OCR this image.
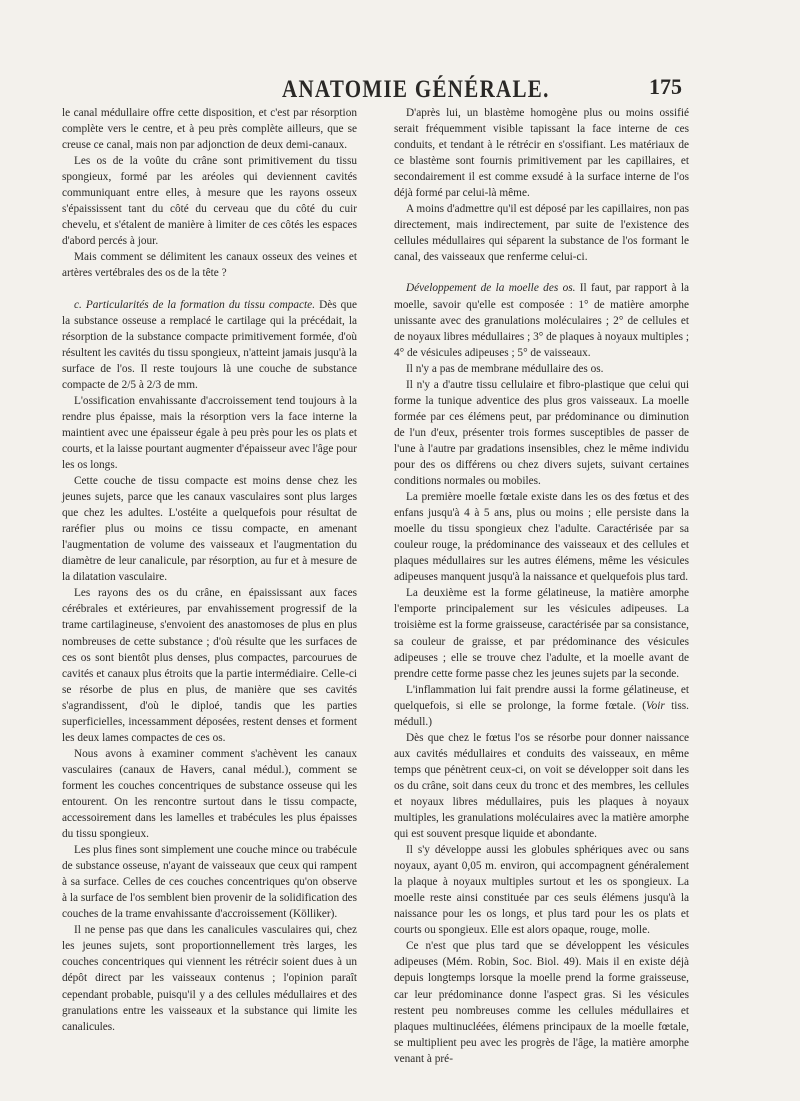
ANATOMIE GÉNÉRALE.	175

le canal médullaire offre cette disposition, et c'est par résorption complète vers le centre, et à peu près complète ailleurs, que se creuse ce canal, mais non par adjonction de deux demi-canaux.

Les os de la voûte du crâne sont primitivement du tissu spongieux, formé par les aréoles qui deviennent cavités communiquant entre elles, à mesure que les rayons osseux s'épaississent tant du côté du cerveau que du côté du cuir chevelu, et s'étalent de manière à limiter de ces côtés les espaces d'abord percés à jour.

Mais comment se délimitent les canaux osseux des veines et artères vertébrales des os de la tête ?

c. Particularités de la formation du tissu compacte. Dès que la substance osseuse a remplacé le cartilage qui la précédait, la résorption de la substance compacte primitivement formée, d'où résultent les cavités du tissu spongieux, n'atteint jamais jusqu'à la surface de l'os. Il reste toujours là une couche de substance compacte de 2/5 à 2/3 de mm.

L'ossification envahissante d'accroissement tend toujours à la rendre plus épaisse, mais la résorption vers la face interne la maintient avec une épaisseur égale à peu près pour les os plats et courts, et la laisse pourtant augmenter d'épaisseur avec l'âge pour les os longs.

Cette couche de tissu compacte est moins dense chez les jeunes sujets, parce que les canaux vasculaires sont plus larges que chez les adultes. L'ostéite a quelquefois pour résultat de raréfier plus ou moins ce tissu compacte, en amenant l'augmentation de volume des vaisseaux et l'augmentation du diamètre de leur canalicule, par résorption, au fur et à mesure de la dilatation vasculaire.

Les rayons des os du crâne, en épaississant aux faces cérébrales et extérieures, par envahissement progressif de la trame cartilagineuse, s'envoient des anastomoses de plus en plus nombreuses de cette substance ; d'où résulte que les surfaces de ces os sont bientôt plus denses, plus compactes, parcourues de cavités et canaux plus étroits que la partie intermédiaire. Celle-ci se résorbe de plus en plus, de manière que ses cavités s'agrandissent, d'où le diploé, tandis que les parties superficielles, incessamment déposées, restent denses et forment les deux lames compactes de ces os.

Nous avons à examiner comment s'achèvent les canaux vasculaires (canaux de Havers, canal médul.), comment se forment les couches concentriques de substance osseuse qui les entourent. On les rencontre surtout dans le tissu compacte, accessoirement dans les lamelles et trabécules les plus épaisses du tissu spongieux.

Les plus fines sont simplement une couche mince ou trabécule de substance osseuse, n'ayant de vaisseaux que ceux qui rampent à sa surface. Celles de ces couches concentriques qu'on observe à la surface de l'os semblent bien provenir de la solidification des couches de la trame envahissante d'accroissement (Kölliker).

Il ne pense pas que dans les canalicules vasculaires qui, chez les jeunes sujets, sont proportionnellement très larges, les couches concentriques qui viennent les rétrécir soient dues à un dépôt direct par les vaisseaux contenus ; l'opinion paraît cependant probable, puisqu'il y a des cellules médullaires et des granulations entre les vaisseaux et la substance qui limite les canalicules.

D'après lui, un blastème homogène plus ou moins ossifié serait fréquemment visible tapissant la face interne de ces conduits, et tendant à le rétrécir en s'ossifiant. Les matériaux de ce blastème sont fournis primitivement par les capillaires, et secondairement il est comme exsudé à la surface interne de l'os déjà formé par celui-là même.

A moins d'admettre qu'il est déposé par les capillaires, non pas directement, mais indirectement, par suite de l'existence des cellules médullaires qui séparent la substance de l'os formant le canal, des vaisseaux que renferme celui-ci.

Développement de la moelle des os. Il faut, par rapport à la moelle, savoir qu'elle est composée : 1° de matière amorphe unissante avec des granulations moléculaires ; 2° de cellules et de noyaux libres médullaires ; 3° de plaques à noyaux multiples ; 4° de vésicules adipeuses ; 5° de vaisseaux.

Il n'y a pas de membrane médullaire des os.

Il n'y a d'autre tissu cellulaire et fibro-plastique que celui qui forme la tunique adventice des plus gros vaisseaux. La moelle formée par ces élémens peut, par prédominance ou diminution de l'un d'eux, présenter trois formes susceptibles de passer de l'une à l'autre par gradations insensibles, chez le même individu pour des os différens ou chez divers sujets, suivant certaines conditions normales ou mobiles.

La première moelle fœtale existe dans les os des fœtus et des enfans jusqu'à 4 à 5 ans, plus ou moins ; elle persiste dans la moelle du tissu spongieux chez l'adulte. Caractérisée par sa couleur rouge, la prédominance des vaisseaux et des cellules et plaques médullaires sur les autres élémens, même les vésicules adipeuses manquent jusqu'à la naissance et quelquefois plus tard.

La deuxième est la forme gélatineuse, la matière amorphe l'emporte principalement sur les vésicules adipeuses. La troisième est la forme graisseuse, caractérisée par sa consistance, sa couleur de graisse, et par prédominance des vésicules adipeuses ; elle se trouve chez l'adulte, et la moelle avant de prendre cette forme passe chez les jeunes sujets par la seconde.

L'inflammation lui fait prendre aussi la forme gélatineuse, et quelquefois, si elle se prolonge, la forme fœtale. (Voir tiss. médull.)

Dès que chez le fœtus l'os se résorbe pour donner naissance aux cavités médullaires et conduits des vaisseaux, en même temps que pénètrent ceux-ci, on voit se développer soit dans les os du crâne, soit dans ceux du tronc et des membres, les cellules et noyaux libres médullaires, puis les plaques à noyaux multiples, les granulations moléculaires avec la matière amorphe qui est souvent presque liquide et abondante.

Il s'y développe aussi les globules sphériques avec ou sans noyaux, ayant 0,05 m. environ, qui accompagnent généralement la plaque à noyaux multiples surtout et les os spongieux. La moelle reste ainsi constituée par ces seuls élémens jusqu'à la naissance pour les os longs, et plus tard pour les os plats et courts ou spongieux. Elle est alors opaque, rouge, molle.

Ce n'est que plus tard que se développent les vésicules adipeuses (Mém. Robin, Soc. Biol. 49). Mais il en existe déjà depuis longtemps lorsque la moelle prend la forme graisseuse, car leur prédominance donne l'aspect gras. Si les vésicules restent peu nombreuses comme les cellules médullaires et plaques multinucléées, élémens principaux de la moelle fœtale, se multiplient peu avec les progrès de l'âge, la matière amorphe venant à pré-
